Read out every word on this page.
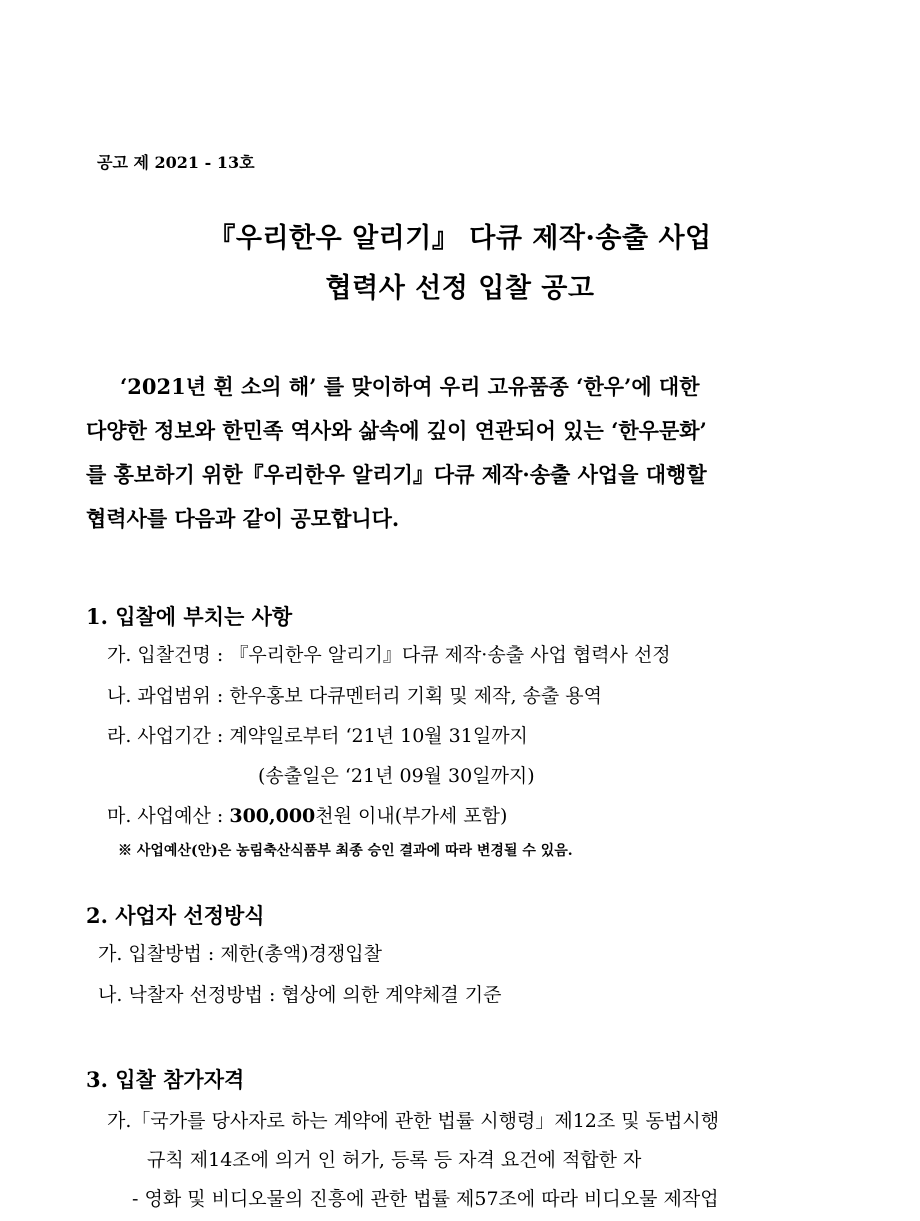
공고 제 2021 - 13호
『우리한우 알리기』 다큐 제작·송출 사업
협력사 선정 입찰 공고
‘2021년 흰 소의 해’ 를 맞이하여 우리 고유품종 ‘한우’에 대한
다양한 정보와 한민족 역사와 삶속에 깊이 연관되어 있는 ‘한우문화’
를 홍보하기 위한『우리한우 알리기』다큐 제작·송출 사업을 대행할
협력사를 다음과 같이 공모합니다.
1. 입찰에 부치는 사항
가. 입찰건명 : 『우리한우 알리기』다큐 제작·송출 사업 협력사 선정
나. 과업범위 : 한우홍보 다큐멘터리 기획 및 제작, 송출 용역
라. 사업기간 : 계약일로부터 ‘21년 10월 31일까지
(송출일은 ‘21년 09월 30일까지)
마. 사업예산 : 300,000천원 이내(부가세 포함)
※ 사업예산(안)은 농림축산식품부 최종 승인 결과에 따라 변경될 수 있음.
2. 사업자 선정방식
가. 입찰방법 : 제한(총액)경쟁입찰
나. 낙찰자 선정방법 : 협상에 의한 계약체결 기준
3. 입찰 참가자격
가.「국가를 당사자로 하는 계약에 관한 법률 시행령」제12조 및 동법시행
규칙 제14조에 의거 인 허가, 등록 등 자격 요건에 적합한 자
- 영화 및 비디오물의 진흥에 관한 법률 제57조에 따라 비디오물 제작업
